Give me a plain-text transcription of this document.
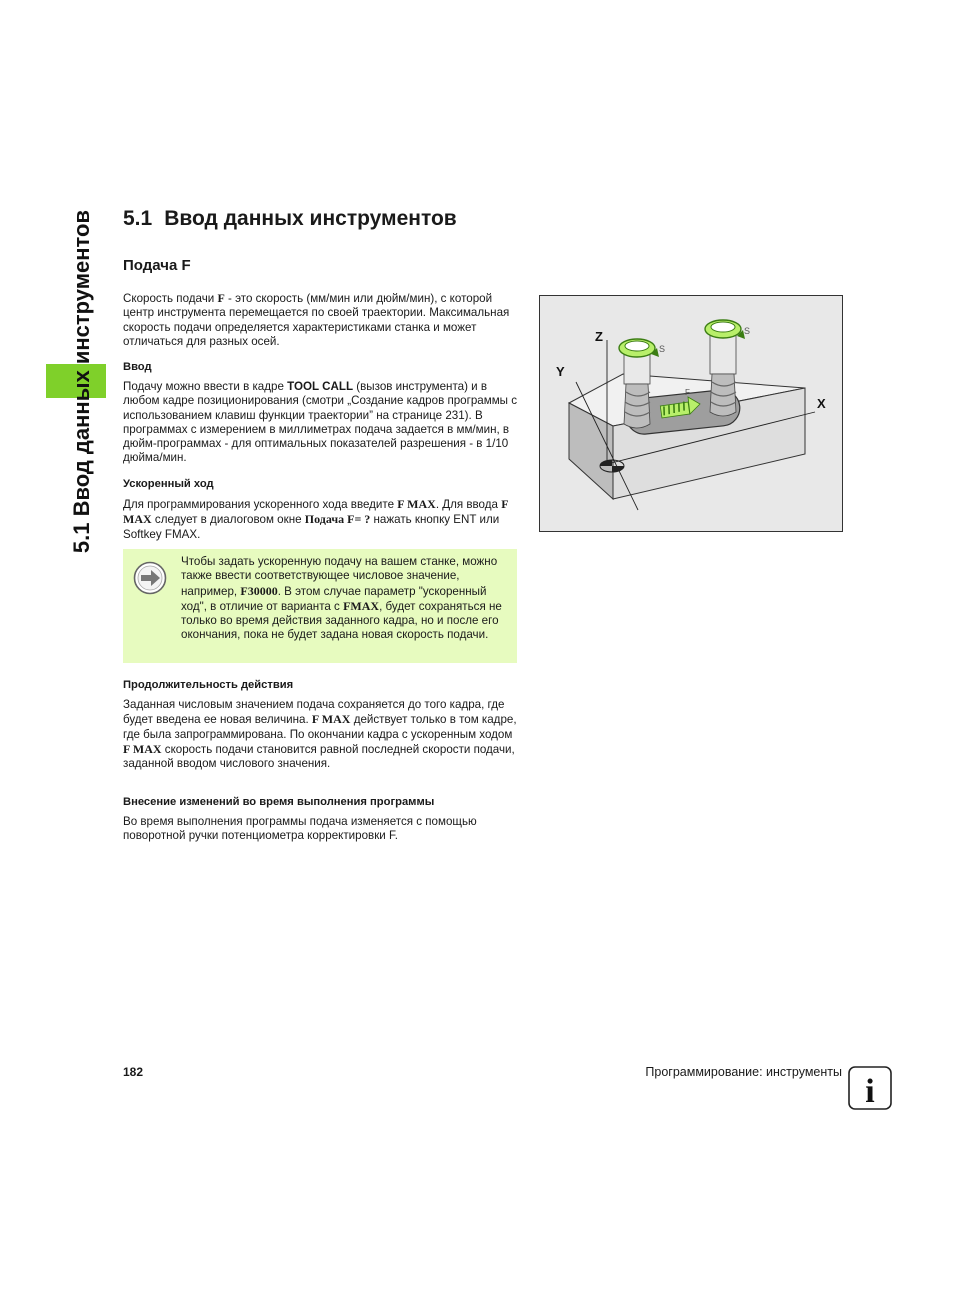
5.1 Ввод данных инструментов 5.1 Ввод данных инструментов
Подача F
Скорость подачи F - это скорость (мм/мин или дюйм/мин), с которой центр инструмента перемещается по своей траектории. Максимальная скорость подачи определяется характеристиками станка и может отличаться для разных осей.
Ввод
Подачу можно ввести в кадре TOOL CALL (вызов инструмента) и в любом кадре позиционирования (смотри „Создание кадров программы с использованием клавиш функции траектории” на странице 231). В программах с измерением в миллиметрах подача задается в мм/мин, в дюйм-программах - для оптимальных показателей разрешения - в 1/10 дюйма/мин.
Ускоренный ход
Для программирования ускоренного хода введите F MAX. Для ввода F MAX следует в диалоговом окне Подача F= ? нажать кнопку ENT или Softkey FMAX.
Чтобы задать ускоренную подачу на вашем станке, можно также ввести соответствующее числовое значение, например, F30000. В этом случае параметр "ускоренный ход", в отличие от варианта с FMAX, будет сохраняться не только во время действия заданного кадра, но и после его окончания, пока не будет задана новая скорость подачи.
Продолжительность действия
Заданная числовым значением подача сохраняется до того кадра, где будет введена ее новая величина. F MAX действует только в том кадре, где была запрограммирована. По окончании кадра с ускоренным ходом F MAX скорость подачи становится равной последней скорости подачи, заданной вводом числового значения.
Внесение изменений во время выполнения программы
Во время выполнения программы подача изменяется с помощью поворотной ручки потенциометра корректировки F.
Z
Y
X
S
S
F
182	Программирование: инструменты
i
